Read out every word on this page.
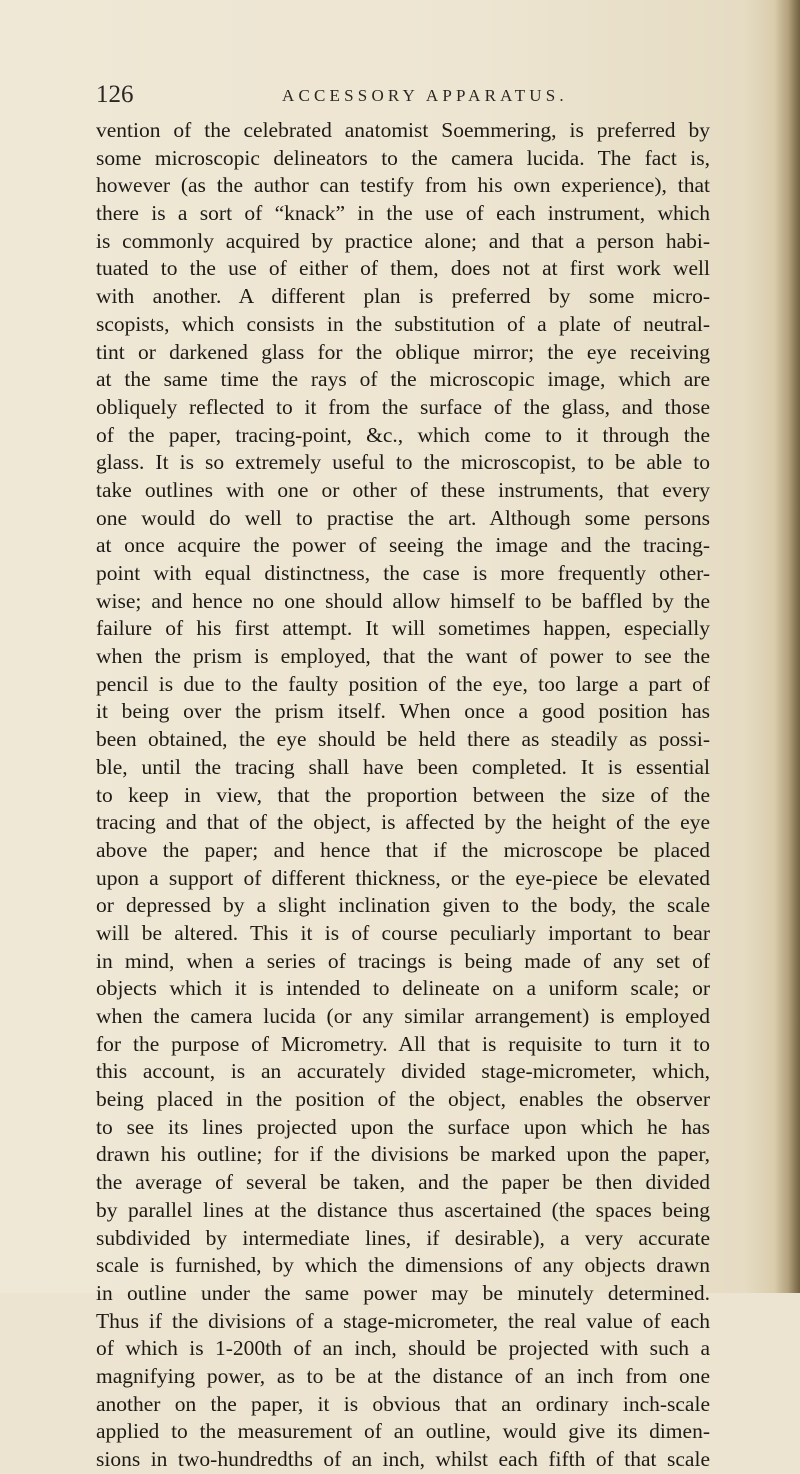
126	ACCESSORY APPARATUS.
vention of the celebrated anatomist Soemmering, is preferred by
some microscopic delineators to the camera lucida. The fact is,
however (as the author can testify from his own experience), that
there is a sort of “knack” in the use of each instrument, which
is commonly acquired by practice alone; and that a person habi-
tuated to the use of either of them, does not at first work well
with another. A different plan is preferred by some micro-
scopists, which consists in the substitution of a plate of neutral-
tint or darkened glass for the oblique mirror; the eye receiving
at the same time the rays of the microscopic image, which are
obliquely reflected to it from the surface of the glass, and those
of the paper, tracing-point, &c., which come to it through the
glass. It is so extremely useful to the microscopist, to be able to
take outlines with one or other of these instruments, that every
one would do well to practise the art. Although some persons
at once acquire the power of seeing the image and the tracing-
point with equal distinctness, the case is more frequently other-
wise; and hence no one should allow himself to be baffled by the
failure of his first attempt. It will sometimes happen, especially
when the prism is employed, that the want of power to see the
pencil is due to the faulty position of the eye, too large a part of
it being over the prism itself. When once a good position has
been obtained, the eye should be held there as steadily as possi-
ble, until the tracing shall have been completed. It is essential
to keep in view, that the proportion between the size of the
tracing and that of the object, is affected by the height of the eye
above the paper; and hence that if the microscope be placed
upon a support of different thickness, or the eye-piece be elevated
or depressed by a slight inclination given to the body, the scale
will be altered. This it is of course peculiarly important to bear
in mind, when a series of tracings is being made of any set of
objects which it is intended to delineate on a uniform scale; or
when the camera lucida (or any similar arrangement) is employed
for the purpose of Micrometry. All that is requisite to turn it to
this account, is an accurately divided stage-micrometer, which,
being placed in the position of the object, enables the observer
to see its lines projected upon the surface upon which he has
drawn his outline; for if the divisions be marked upon the paper,
the average of several be taken, and the paper be then divided
by parallel lines at the distance thus ascertained (the spaces being
subdivided by intermediate lines, if desirable), a very accurate
scale is furnished, by which the dimensions of any objects drawn
in outline under the same power may be minutely determined.
Thus if the divisions of a stage-micrometer, the real value of each
of which is 1-200th of an inch, should be projected with such a
magnifying power, as to be at the distance of an inch from one
another on the paper, it is obvious that an ordinary inch-scale
applied to the measurement of an outline, would give its dimen-
sions in two-hundredths of an inch, whilst each fifth of that scale
